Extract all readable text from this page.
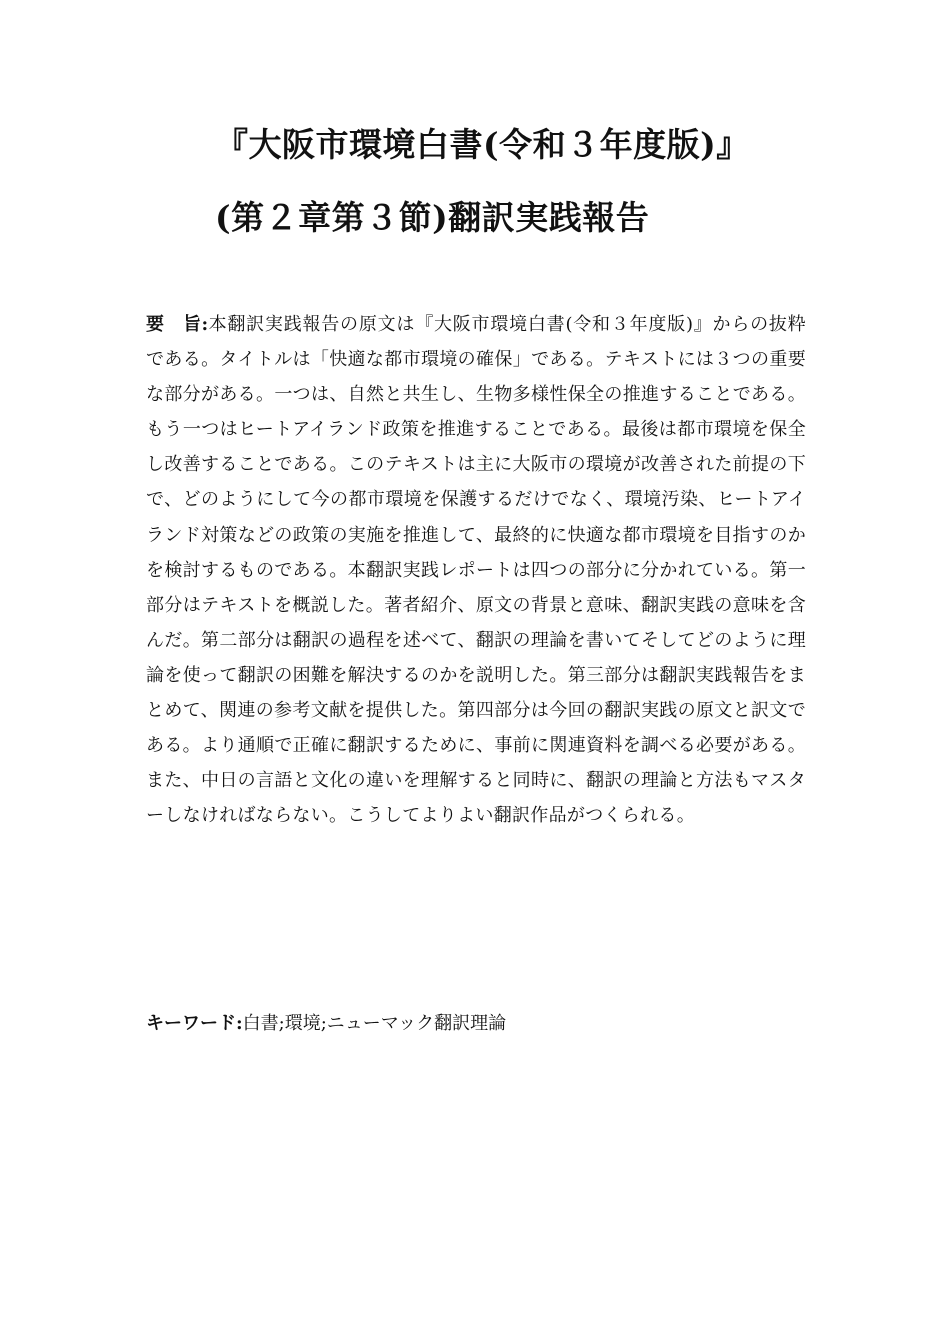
『大阪市環境白書(令和３年度版)』
(第２章第３節)翻訳実践報告
要　旨:本翻訳実践報告の原文は『大阪市環境白書(令和３年度版)』からの抜粋である。タイトルは「快適な都市環境の確保」である。テキストには３つの重要な部分がある。一つは、自然と共生し、生物多様性保全の推進することである。もう一つはヒートアイランド政策を推進することである。最後は都市環境を保全し改善することである。このテキストは主に大阪市の環境が改善された前提の下で、どのようにして今の都市環境を保護するだけでなく、環境汚染、ヒートアイランド対策などの政策の実施を推進して、最終的に快適な都市環境を目指すのかを検討するものである。本翻訳実践レポートは四つの部分に分かれている。第一部分はテキストを概説した。著者紹介、原文の背景と意味、翻訳実践の意味を含んだ。第二部分は翻訳の過程を述べて、翻訳の理論を書いてそしてどのように理論を使って翻訳の困難を解決するのかを説明した。第三部分は翻訳実践報告をまとめて、関連の参考文献を提供した。第四部分は今回の翻訳実践の原文と訳文である。より通順で正確に翻訳するために、事前に関連資料を調べる必要がある。また、中日の言語と文化の違いを理解すると同時に、翻訳の理論と方法もマスターしなければならない。こうしてよりよい翻訳作品がつくられる。
キーワード:白書;環境;ニューマック翻訳理論
